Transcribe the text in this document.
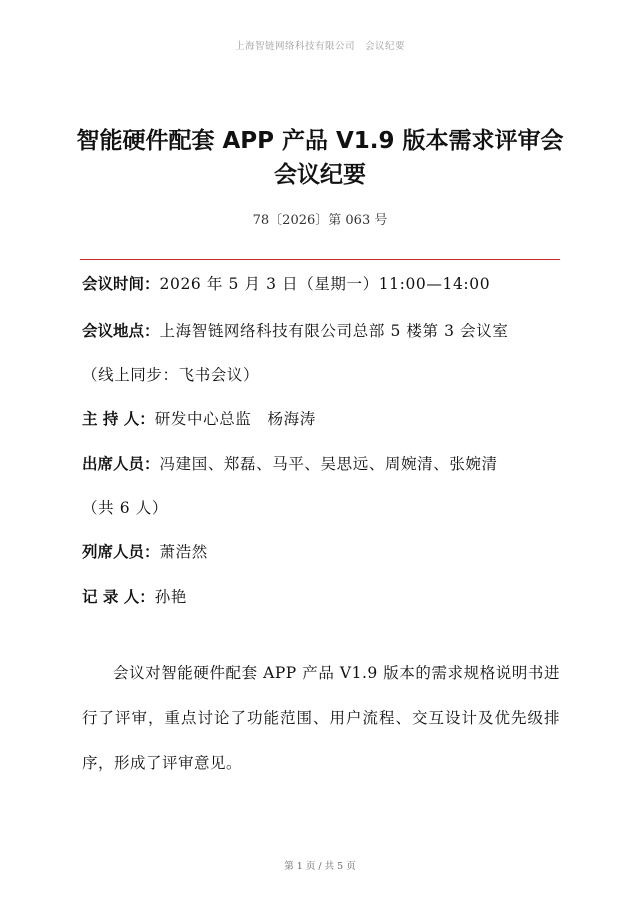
上海智链网络科技有限公司 会议纪要
智能硬件配套 APP 产品 V1.9 版本需求评审会
会议纪要
78〔2026〕第 063 号
会议时间：2026 年 5 月 3 日（星期一）11:00—14:00
会议地点：上海智链网络科技有限公司总部 5 楼第 3 会议室
（线上同步：飞书会议）
主 持 人：研发中心总监　杨海涛
出席人员：冯建国、郑磊、马平、吴思远、周婉清、张婉清
（共 6 人）
列席人员：萧浩然
记 录 人：孙艳
会议对智能硬件配套 APP 产品 V1.9 版本的需求规格说明书进行了评审，重点讨论了功能范围、用户流程、交互设计及优先级排序，形成了评审意见。
第 1 页 / 共 5 页
